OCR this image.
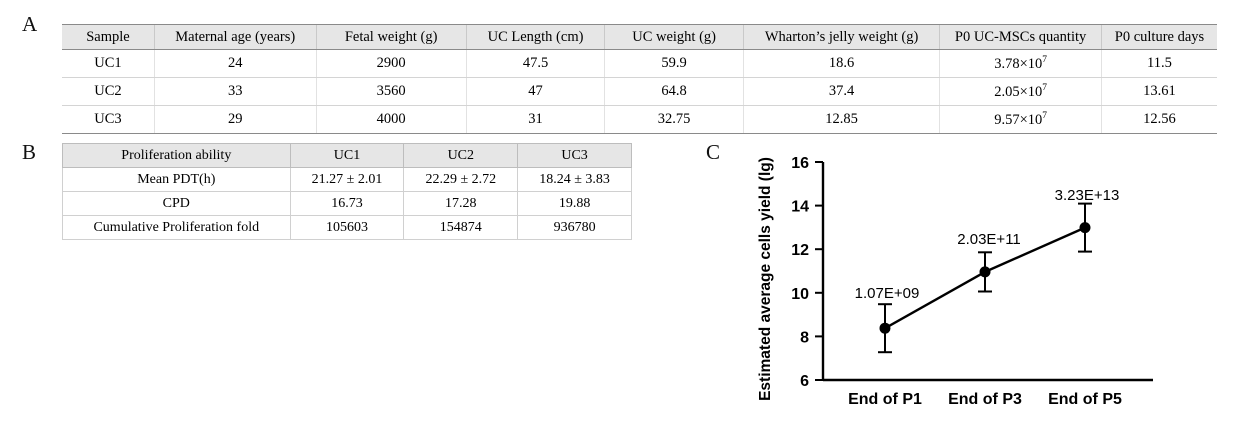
A
Sample	Maternal age (years)	Fetal weight (g)	UC Length (cm)	UC weight (g)	Wharton’s jelly weight (g)	P0 UC-MSCs quantity	P0 culture days
UC1	24	2900	47.5	59.9	18.6	$3.78\times 10^7$	11.5
UC2	33	3560	47	64.8	37.4	$2.05\times 10^7$	13.61
UC3	29	4000	31	32.75	12.85	$9.57\times 10^7$	12.56
B	Proliferation ability	UC1	UC2	UC3
Mean PDT(h)	21.27 ± 2.01	22.29 ± 2.72	18.24 ± 3.83
CPD	16.73	17.28	19.88
Cumulative Proliferation fold	105603	154874	936780
C
Estimated average cells yield (lg)	6
8
10
12
14
16
1.07E+09
2.03E+11
3.23E+13
End of P1 End of P3 End of P5
